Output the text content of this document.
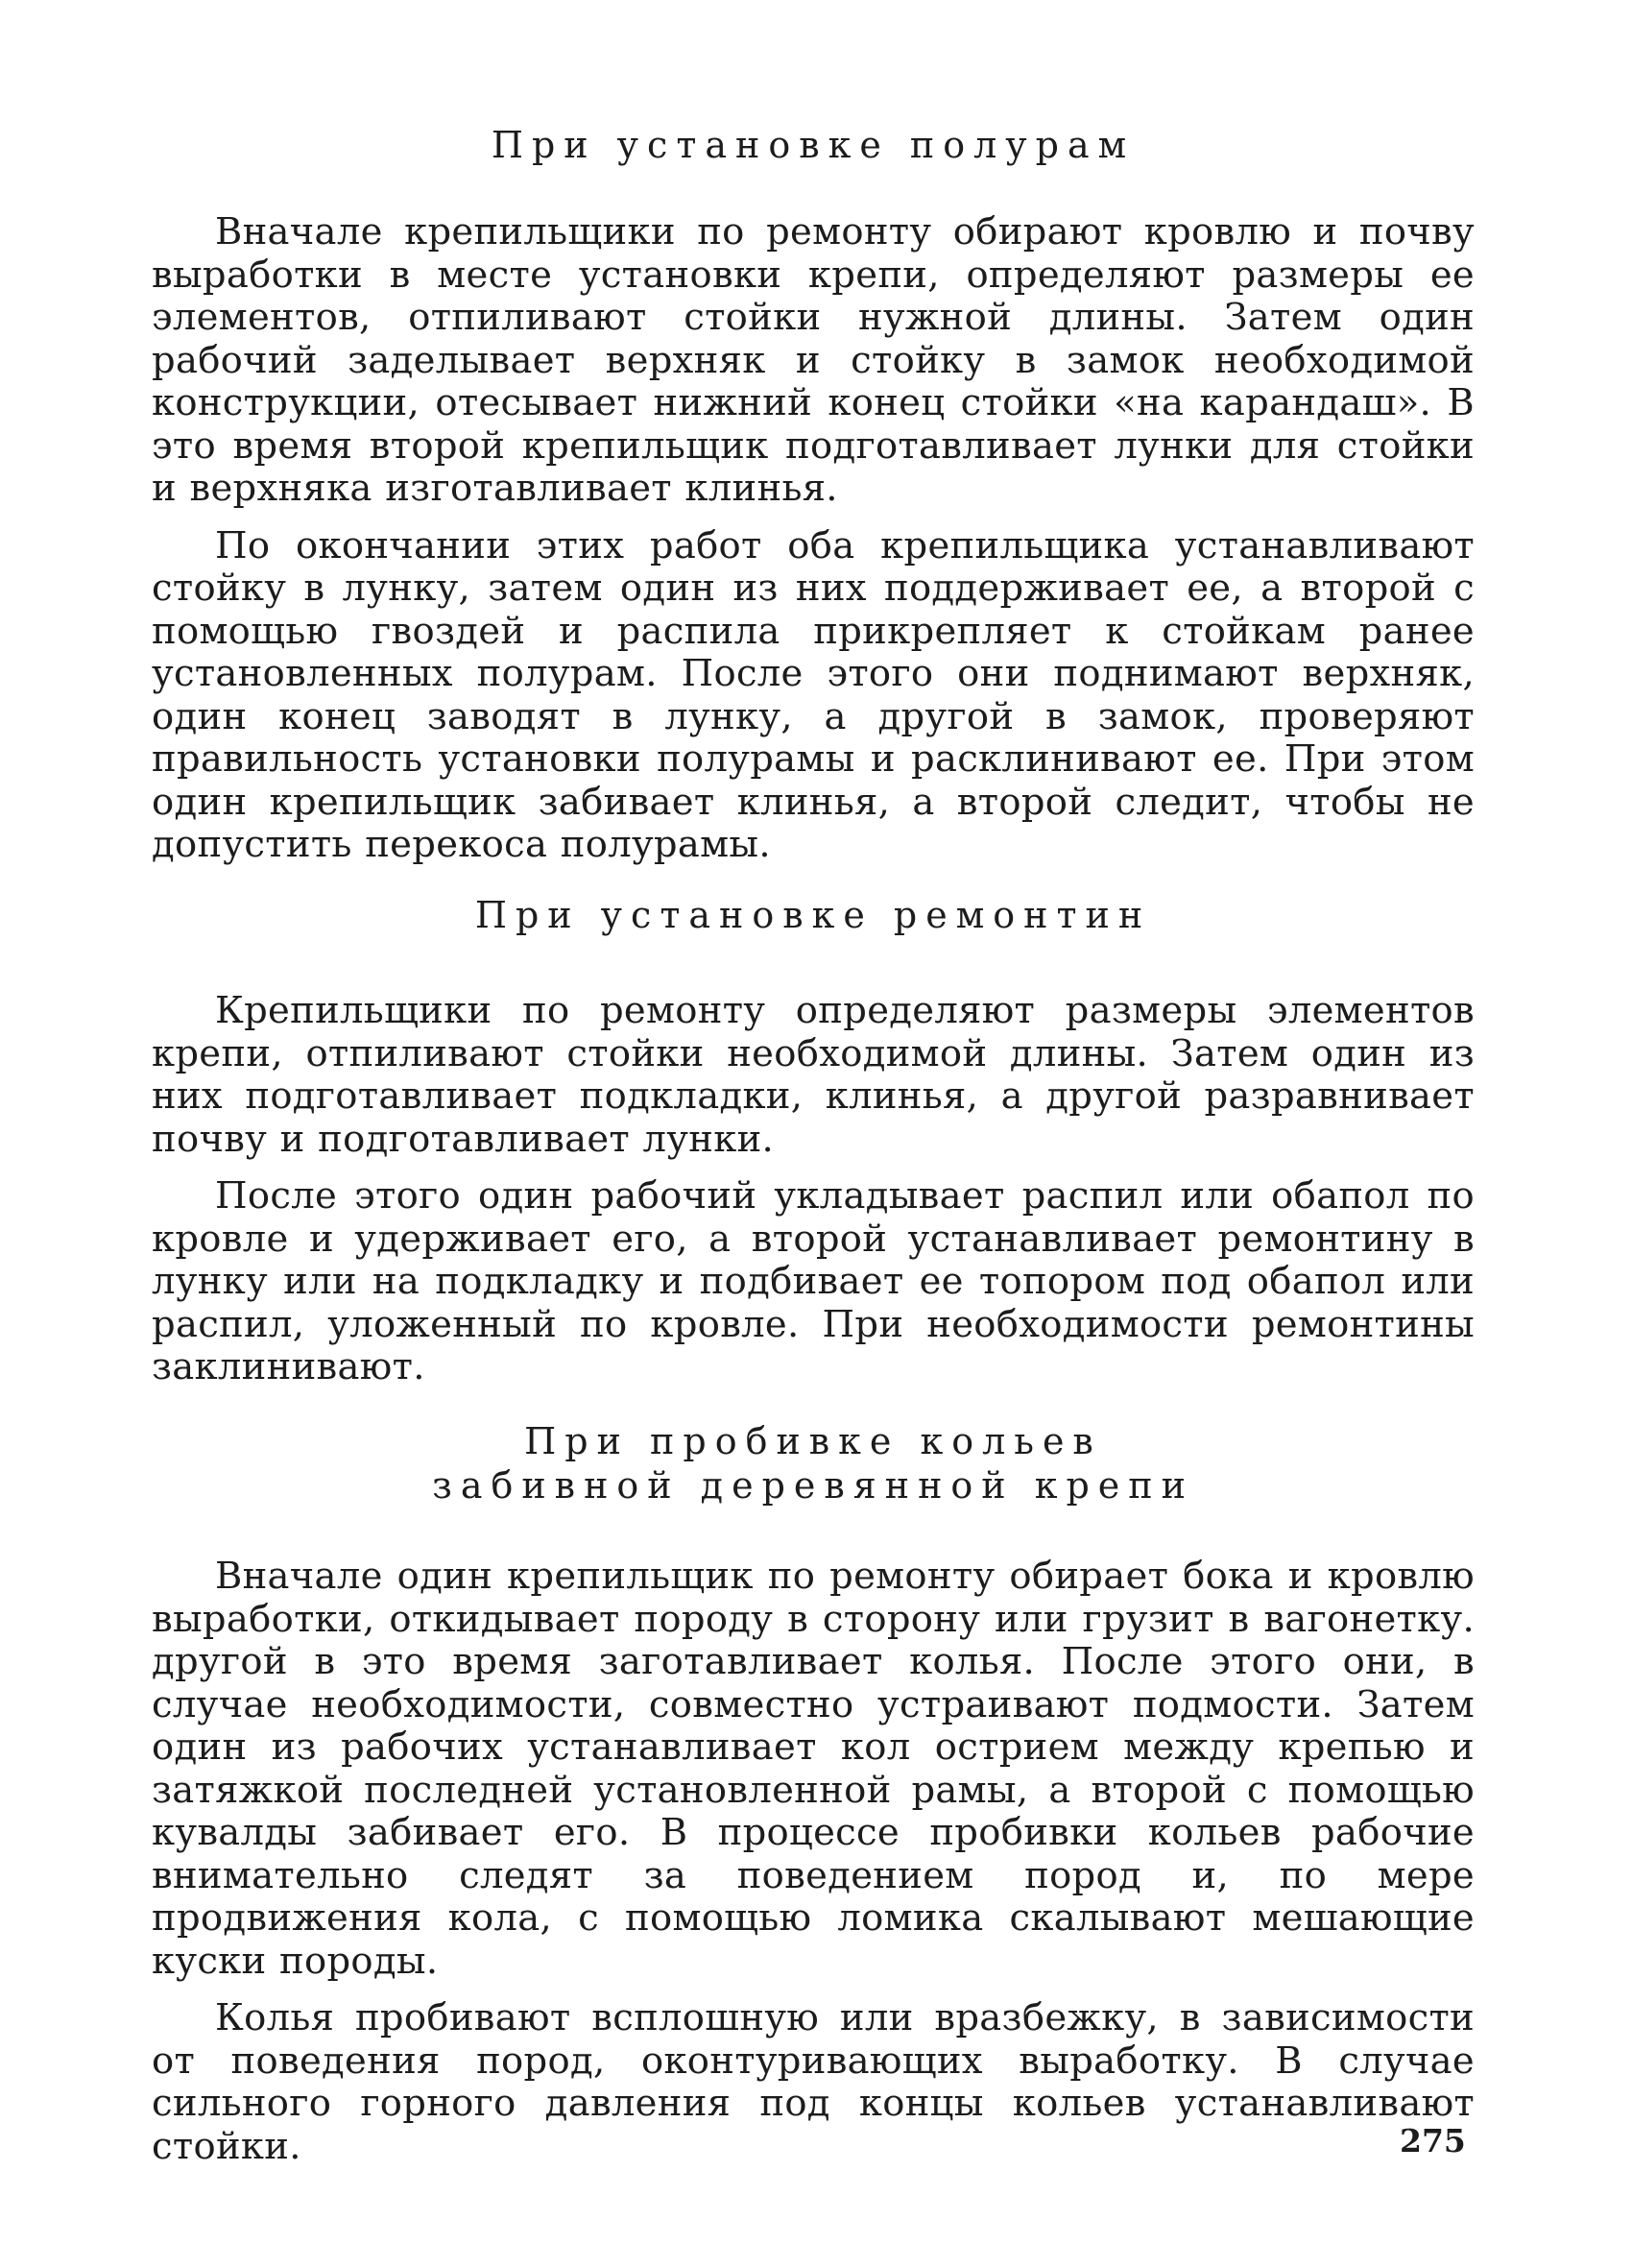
При установке полурам

Вначале крепильщики по ремонту обирают кровлю и почву выработки в месте установки крепи, определяют размеры ее элементов, отпиливают стойки нужной длины. Затем один рабочий заделывает верхняк и стойку в замок необходимой конструкции, отесывает нижний конец стойки «на карандаш». В это время второй крепильщик подготавливает лунки для стойки и верхняка изготавливает клинья.

По окончании этих работ оба крепильщика устанавливают стойку в лунку, затем один из них поддерживает ее, а второй с помощью гвоздей и распила прикрепляет к стойкам ранее установленных полурам. После этого они поднимают верхняк, один конец заводят в лунку, а другой в замок, проверяют правильность установки полурамы и расклинивают ее. При этом один крепильщик забивает клинья, а второй следит, чтобы не допустить перекоса полурамы.

При установке ремонтин

Крепильщики по ремонту определяют размеры элементов крепи, отпиливают стойки необходимой длины. Затем один из них подготавливает подкладки, клинья, а другой разравнивает почву и подготавливает лунки.

После этого один рабочий укладывает распил или обапол по кровле и удерживает его, а второй устанавливает ремонтину в лунку или на подкладку и подбивает ее топором под обапол или распил, уложенный по кровле. При необходимости ремонтины заклинивают.

При пробивке кольев
забивной деревянной крепи

Вначале один крепильщик по ремонту обирает бока и кровлю выработки, откидывает породу в сторону или грузит в вагонетку. другой в это время заготавливает колья. После этого они, в случае необходимости, совместно устраивают подмости. Затем один из рабочих устанавливает кол острием между крепью и затяжкой последней установленной рамы, а второй с помощью кувалды забивает его. В процессе пробивки кольев рабочие внимательно следят за поведением пород и, по мере продвижения кола, с помощью ломика скалывают мешающие куски породы.

Колья пробивают всплошную или вразбежку, в зависимости от поведения пород, оконтуривающих выработку. В случае сильного горного давления под концы кольев устанавливают стойки.	275
